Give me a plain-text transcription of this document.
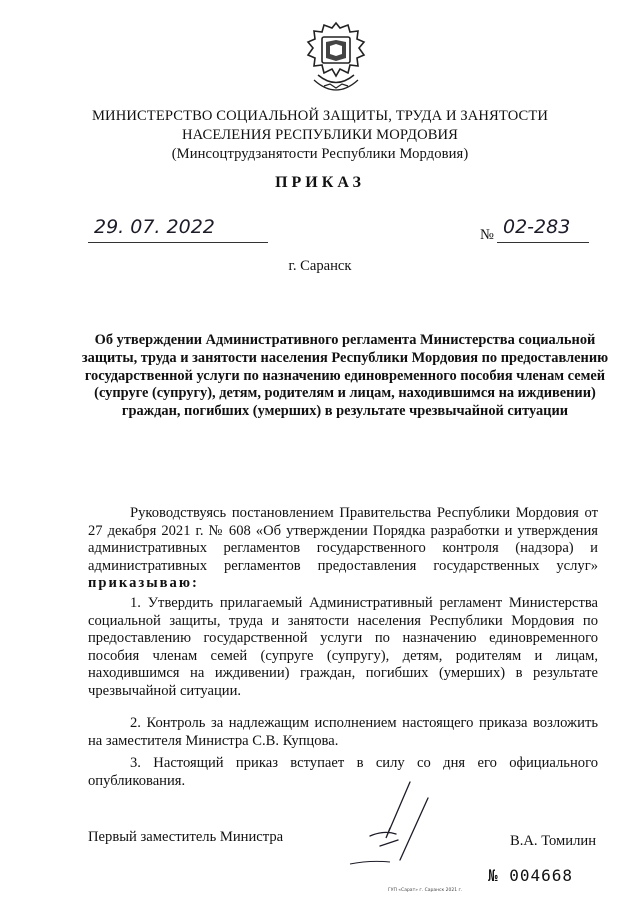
МИНИСТЕРСТВО СОЦИАЛЬНОЙ ЗАЩИТЫ, ТРУДА И ЗАНЯТОСТИ
НАСЕЛЕНИЯ РЕСПУБЛИКИ МОРДОВИЯ
(Минсоцтрудзанятости Республики Мордовия)
ПРИКАЗ
29. 07. 2022	№ 02-283
г. Саранск
Об утверждении Административного регламента Министерства социальной защиты, труда и занятости населения Республики Мордовия по предоставлению государственной услуги по назначению единовременного пособия членам семей (супруге (супругу), детям, родителям и лицам, находившимся на иждивении) граждан, погибших (умерших) в результате чрезвычайной ситуации
Руководствуясь постановлением Правительства Республики Мордовия от 27 декабря 2021 г. № 608 «Об утверждении Порядка разработки и утверждения административных регламентов государственного контроля (надзора) и административных регламентов предоставления государственных услуг» приказываю:
1. Утвердить прилагаемый Административный регламент Министерства социальной защиты, труда и занятости населения Республики Мордовия по предоставлению государственной услуги по назначению единовременного пособия членам семей (супруге (супругу), детям, родителям и лицам, находившимся на иждивении) граждан, погибших (умерших) в результате чрезвычайной ситуации.
2. Контроль за надлежащим исполнением настоящего приказа возложить на заместителя Министра С.В. Купцова.
3. Настоящий приказ вступает в силу со дня его официального опубликования.
Первый заместитель Министра	В.А. Томилин
№ 004668
ГУП «Сарат» г. Саранск 2021 г.
